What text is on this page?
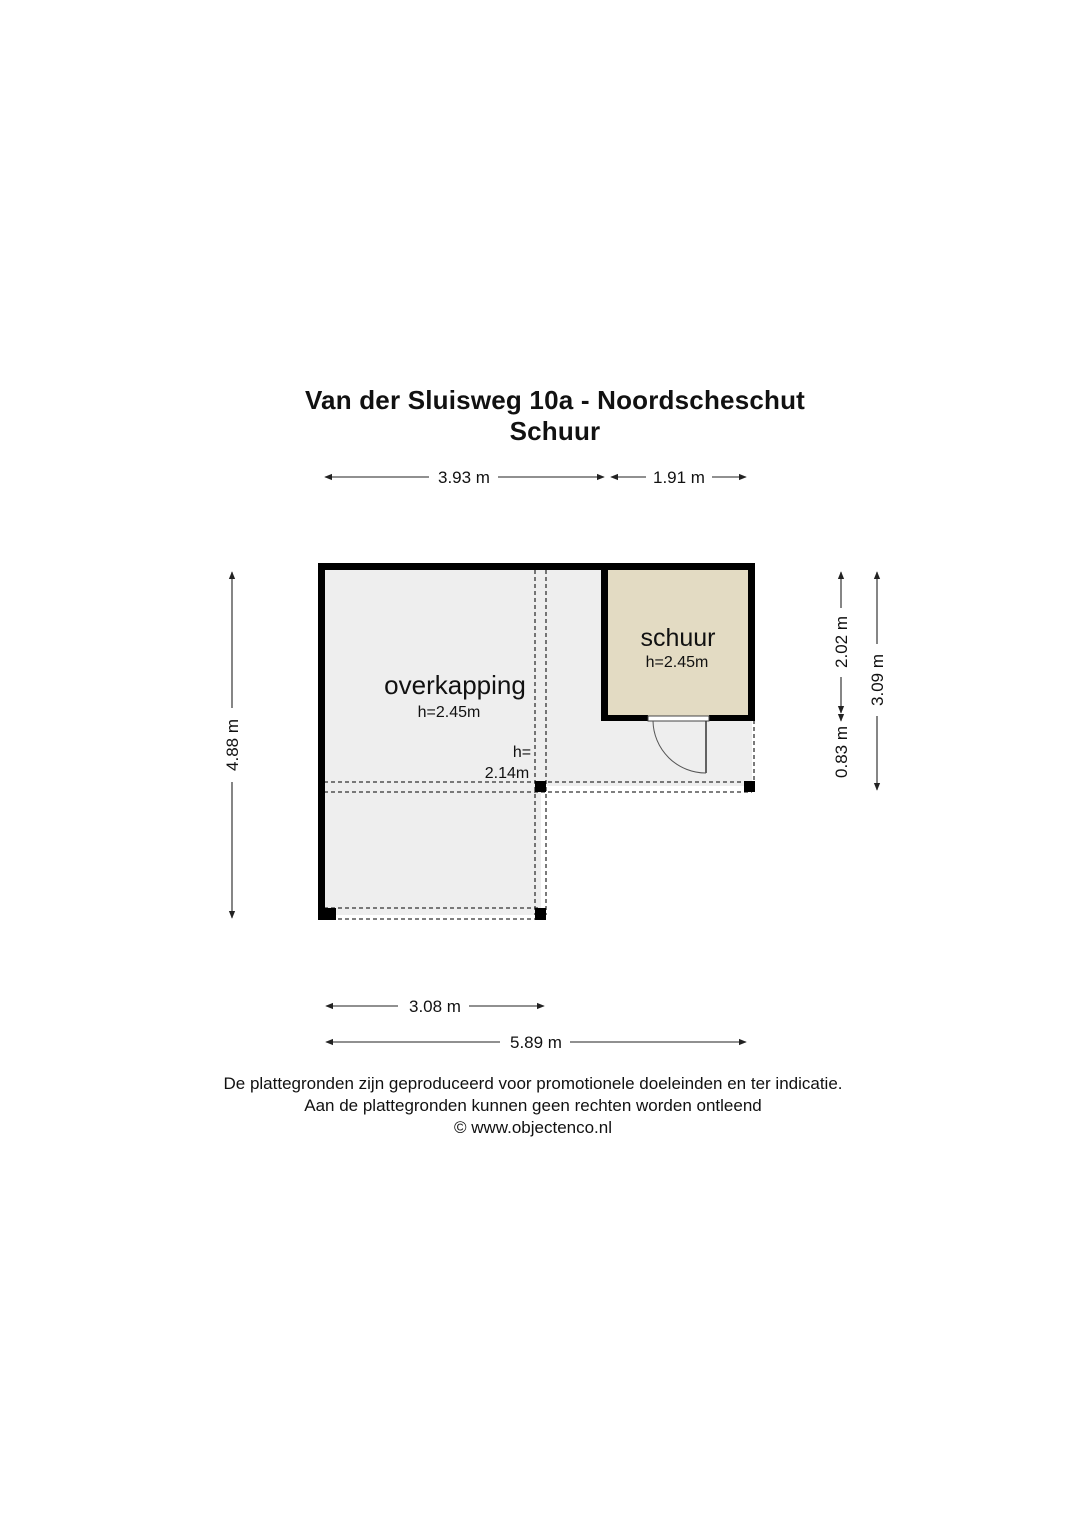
Van der Sluisweg 10a - Noordscheschut
Schuur
overkapping
h=2.45m
h=
2.14m
schuur
h=2.45m
3.93 m	1.91 m
4.88 m
2.02 m
0.83 m
3.09 m
3.08 m
5.89 m
De plattegronden zijn geproduceerd voor promotionele doeleinden en ter indicatie.
Aan de plattegronden kunnen geen rechten worden ontleend
© www.objectenco.nl
